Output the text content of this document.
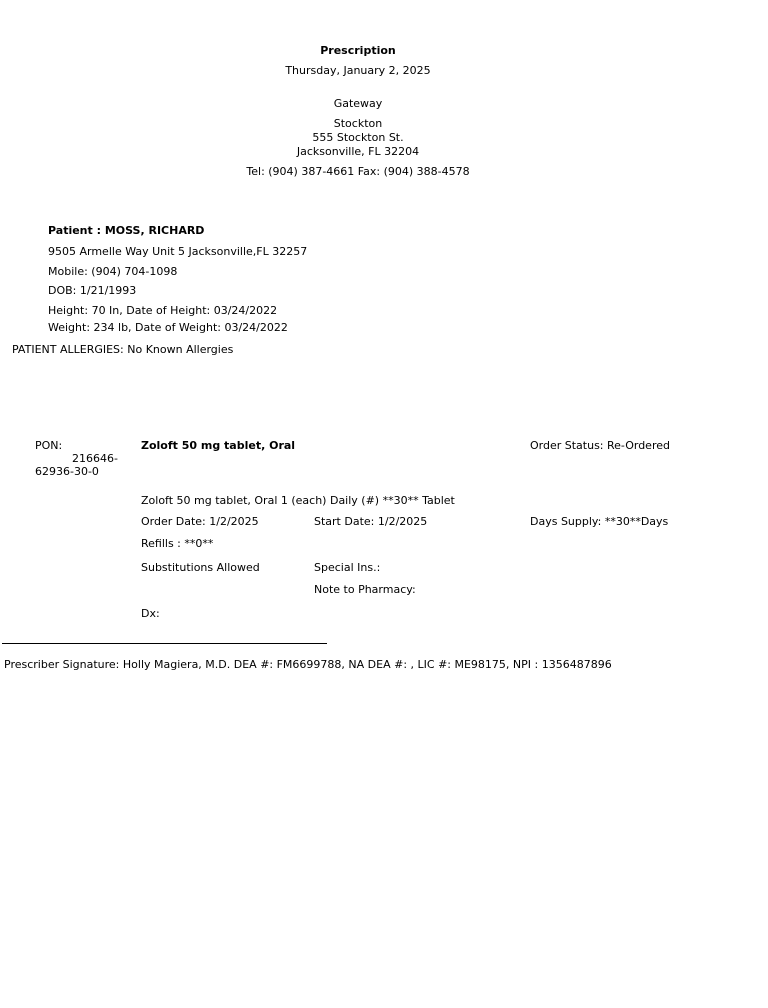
Prescription
Thursday, January 2, 2025
Gateway
Stockton
555 Stockton St.
Jacksonville, FL 32204
Tel: (904) 387-4661 Fax: (904) 388-4578
Patient : MOSS, RICHARD
9505 Armelle Way Unit 5 Jacksonville,FL 32257
Mobile: (904) 704-1098
DOB: 1/21/1993
Height: 70 In, Date of Height: 03/24/2022
Weight: 234 lb, Date of Weight: 03/24/2022
PATIENT ALLERGIES: No Known Allergies
PON:

216646-
62936-30-0

Zoloft 50 mg tablet, Oral	Order Status: Re-Ordered
Zoloft 50 mg tablet, Oral 1 (each) Daily (#) **30** Tablet
Order Date: 1/2/2025	Start Date: 1/2/2025	Days Supply: **30**Days
Refills : **0**
Substitutions Allowed	Special Ins.:
Note to Pharmacy:
Dx:
Prescriber Signature: Holly Magiera, M.D. DEA #: FM6699788, NA DEA #: , LIC #: ME98175, NPI : 1356487896
